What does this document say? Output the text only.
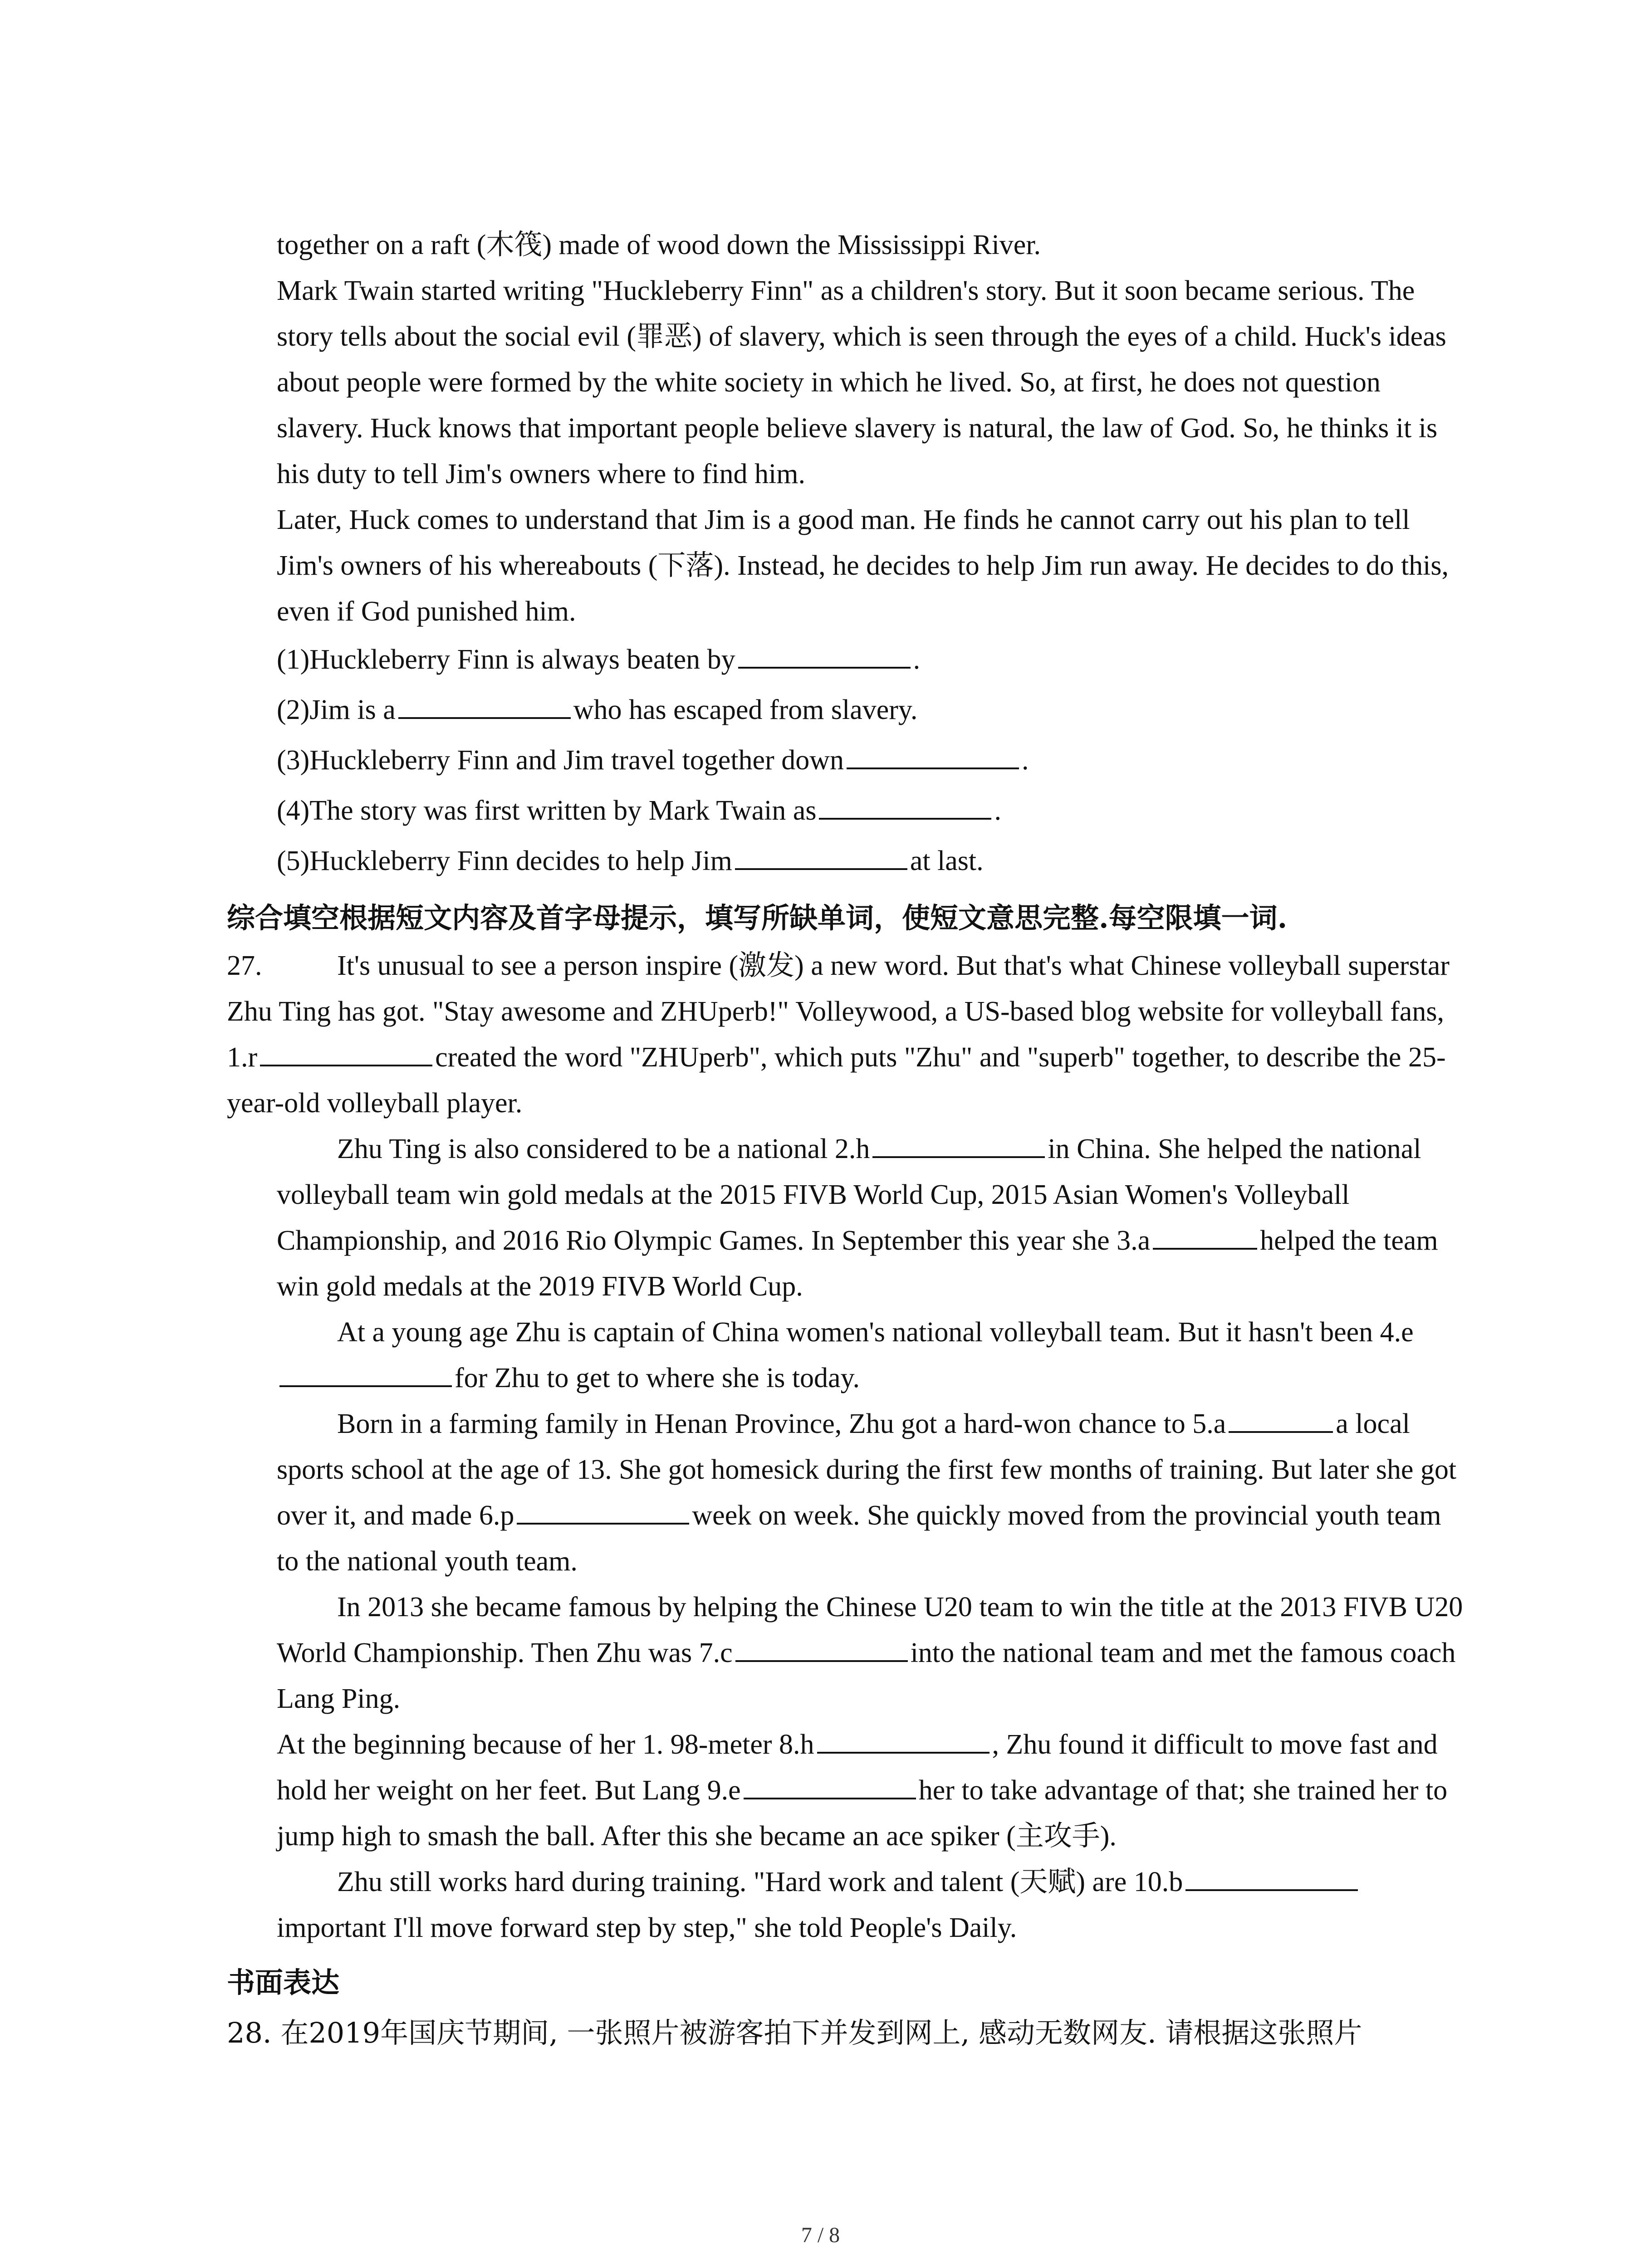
together on a raft (木筏) made of wood down the Mississippi River.

Mark Twain started writing "Huckleberry Finn" as a children's story. But it soon became serious. The story tells about the social evil (罪恶) of slavery, which is seen through the eyes of a child. Huck's ideas about people were formed by the white society in which he lived. So, at first, he does not question slavery. Huck knows that important people believe slavery is natural, the law of God. So, he thinks it is his duty to tell Jim's owners where to find him.

Later, Huck comes to understand that Jim is a good man. He finds he cannot carry out his plan to tell Jim's owners of his whereabouts (下落). Instead, he decides to help Jim run away. He decides to do this, even if God punished him.

(1)Huckleberry Finn is always beaten by	.

(2)Jim is a	who has escaped from slavery.

(3)Huckleberry Finn and Jim travel together down	.

(4)The story was first written by Mark Twain as	.

(5)Huckleberry Finn decides to help Jim	at last.

综合填空根据短文内容及首字母提示，填写所缺单词，使短文意思完整.每空限填一词.

27.	It's unusual to see a person inspire (激发) a new word. But that's what Chinese volleyball superstar Zhu Ting has got. "Stay awesome and ZHUperb!" Volleywood, a US-based blog website for volleyball fans, 1.r	created the word "ZHUperb", which puts "Zhu" and "superb" together, to describe the 25-year-old volleyball player.

Zhu Ting is also considered to be a national 2.h	in China. She helped the national volleyball team win gold medals at the 2015 FIVB World Cup, 2015 Asian Women's Volleyball Championship, and 2016 Rio Olympic Games. In September this year she 3.a	helped the team win gold medals at the 2019 FIVB World Cup.

At a young age Zhu is captain of China women's national volleyball team. But it hasn't been 4.efor Zhu to get to where she is today.

Born in a farming family in Henan Province, Zhu got a hard-won chance to 5.a	a local sports school at the age of 13. She got homesick during the first few months of training. But later she got over it, and made 6.p	week on week. She quickly moved from the provincial youth team to the national youth team.

In 2013 she became famous by helping the Chinese U20 team to win the title at the 2013 FIVB U20 World Championship. Then Zhu was 7.c	into the national team and met the famous coach Lang Ping.

At the beginning because of her 1. 98-meter 8.h	, Zhu found it difficult to move fast and hold her weight on her feet. But Lang 9.e	her to take advantage of that; she trained her to jump high to smash the ball. After this she became an ace spiker (主攻手).

Zhu still works hard during training. "Hard work and talent (天赋) are 10.bimportant I'll move forward step by step," she told People's Daily.

书面表达

28. 在2019年国庆节期间, 一张照片被游客拍下并发到网上, 感动无数网友. 请根据这张照片

7 / 8
